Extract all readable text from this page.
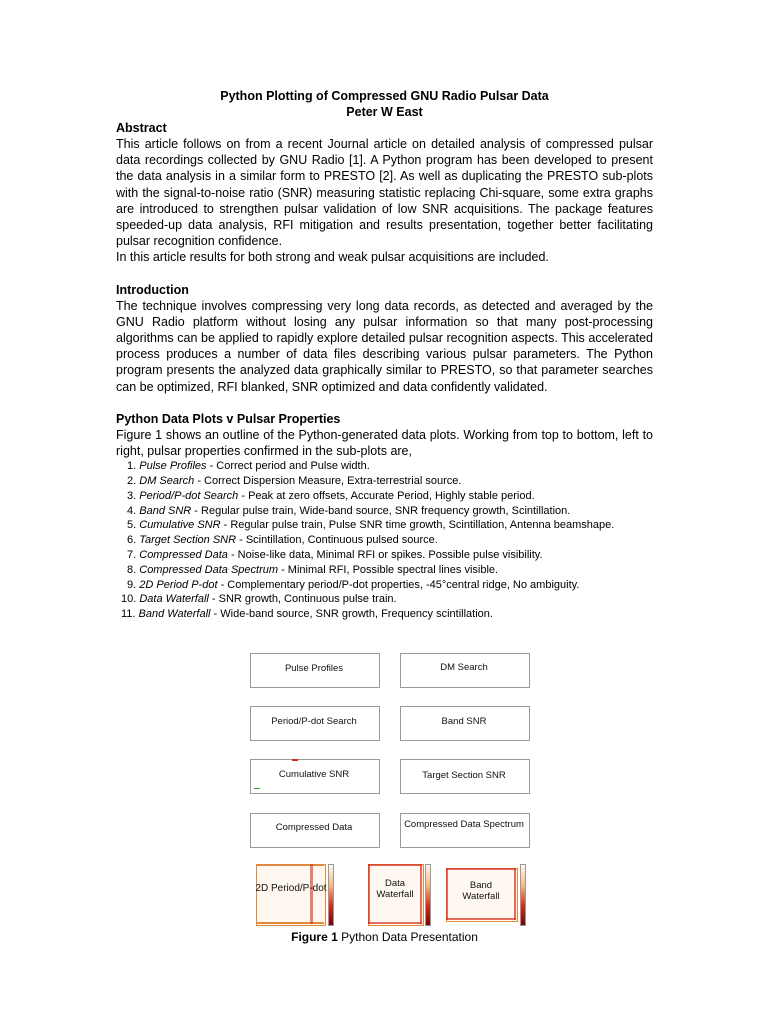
Python Plotting of Compressed GNU Radio Pulsar Data
Peter W East
Abstract
This article follows on from a recent Journal article on detailed analysis of compressed pulsar data recordings collected by GNU Radio [1]. A Python program has been developed to present the data analysis in a similar form to PRESTO [2]. As well as duplicating the PRESTO sub-plots with the signal-to-noise ratio (SNR) measuring statistic replacing Chi-square, some extra graphs are introduced to strengthen pulsar validation of low SNR acquisitions. The package features speeded-up data analysis, RFI mitigation and results presentation, together better facilitating pulsar recognition confidence.
In this article results for both strong and weak pulsar acquisitions are included.
Introduction
The technique involves compressing very long data records, as detected and averaged by the GNU Radio platform without losing any pulsar information so that many post-processing algorithms can be applied to rapidly explore detailed pulsar recognition aspects. This accelerated process produces a number of data files describing various pulsar parameters. The Python program presents the analyzed data graphically similar to PRESTO, so that parameter searches can be optimized, RFI blanked, SNR optimized and data confidently validated.
Python Data Plots v Pulsar Properties
Figure 1 shows an outline of the Python-generated data plots. Working from top to bottom, left to right, pulsar properties confirmed in the sub-plots are,
1. Pulse Profiles - Correct period and Pulse width.
2. DM Search - Correct Dispersion Measure, Extra-terrestrial source.
3. Period/P-dot Search - Peak at zero offsets, Accurate Period, Highly stable period.
4. Band SNR - Regular pulse train, Wide-band source, SNR frequency growth, Scintillation.
5. Cumulative SNR - Regular pulse train, Pulse SNR time growth, Scintillation, Antenna beamshape.
6. Target Section SNR - Scintillation, Continuous pulsed source.
7. Compressed Data - Noise-like data, Minimal RFI or spikes. Possible pulse visibility.
8. Compressed Data Spectrum - Minimal RFI, Possible spectral lines visible.
9. 2D Period P-dot - Complementary period/P-dot properties, -45°central ridge, No ambiguity.
10. Data Waterfall - SNR growth, Continuous pulse train.
11. Band Waterfall - Wide-band source, SNR growth, Frequency scintillation.
Pulse Profiles	DM Search
Period/P-dot Search	Band SNR
Cumulative SNR	Target Section SNR
Compressed Data	Compressed Data Spectrum
2D Period/P-dot	Data
Waterfall
Band
Waterfall
Figure 1 Python Data Presentation
